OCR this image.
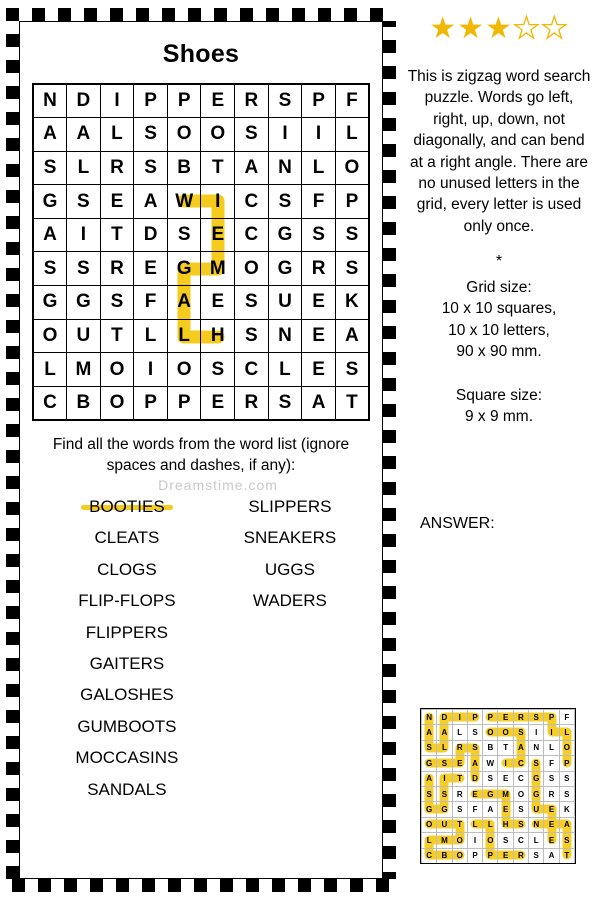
Shoes
N	D	I	P	P	E	R	S	P	F
A	A	L	S	O	O	S	I	I	L
S	L	R	S	B	T	A	N	L	O
G	S	E	A	W	I	C	S	F	P
A	I	T	D	S	E	C	G	S	S
S	S	R	E	G	M	O	G	R	S
G	G	S	F	A	E	S	U	E	K
O	U	T	L	L	H	S	N	E	A
L	M	O	I	O	S	C	L	E	S
C	B	O	P	P	E	R	S	A	T
Find all the words from the word list (ignore spaces and dashes, if any):
BOOTIES
CLEATS
CLOGS
FLIP-FLOPS
FLIPPERS
GAITERS
GALOSHES
GUMBOOTS
MOCCASINS
SANDALS
SLIPPERS
SNEAKERS
UGGS
WADERS
Dreamstime.com
★★★★★
This is zigzag word search puzzle. Words go left, right, up, down, not diagonally, and can bend at a right angle. There are no unused letters in the grid, every letter is used only once.
*
Grid size:
10 x 10 squares,
10 x 10 letters,
90 x 90 mm.
Square size:
9 x 9 mm.
ANSWER:
N	D	I	P	P	E	R	S	P	F
A	A	L	S	O	O	S	I	I	L
S	L	R	S	B	T	A	N	L	O
G	S	E	A	W	I	C	S	F	P
A	I	T	D	S	E	C	G	S	S
S	S	R	E	G	M	O	G	R	S
G	G	S	F	A	E	S	U	E	K
O	U	T	L	L	H	S	N	E	A
L	M	O	I	O	S	C	L	E	S
C	B	O	P	P	E	R	S	A	T
